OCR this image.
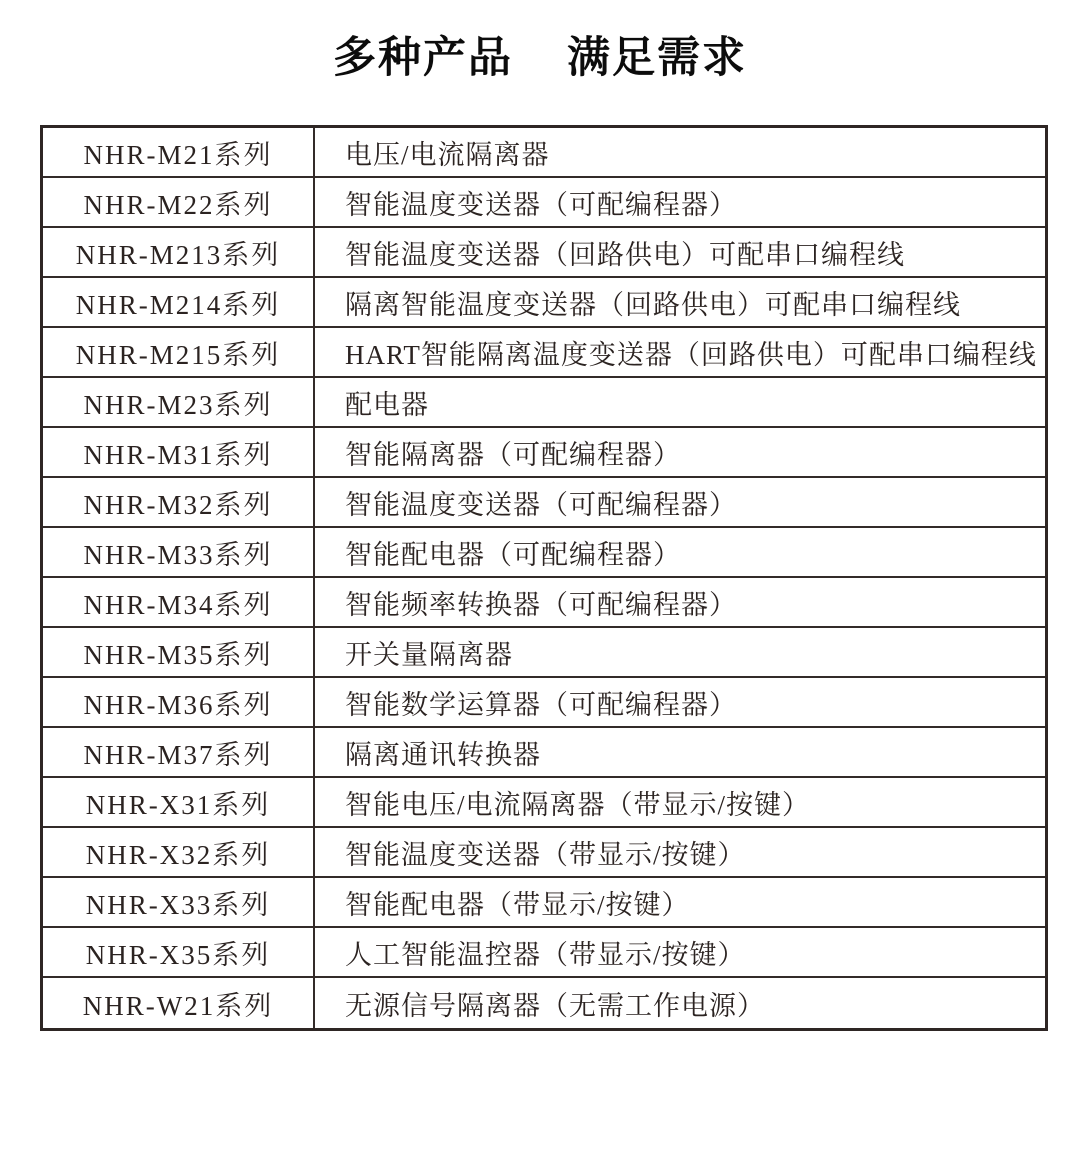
多种产品 满足需求
NHR-M21系列	电压/电流隔离器
NHR-M22系列	智能温度变送器（可配编程器）
NHR-M213系列	智能温度变送器（回路供电）可配串口编程线
NHR-M214系列	隔离智能温度变送器（回路供电）可配串口编程线
NHR-M215系列	HART智能隔离温度变送器（回路供电）可配串口编程线
NHR-M23系列	配电器
NHR-M31系列	智能隔离器（可配编程器）
NHR-M32系列	智能温度变送器（可配编程器）
NHR-M33系列	智能配电器（可配编程器）
NHR-M34系列	智能频率转换器（可配编程器）
NHR-M35系列	开关量隔离器
NHR-M36系列	智能数学运算器（可配编程器）
NHR-M37系列	隔离通讯转换器
NHR-X31系列	智能电压/电流隔离器（带显示/按键）
NHR-X32系列	智能温度变送器（带显示/按键）
NHR-X33系列	智能配电器（带显示/按键）
NHR-X35系列	人工智能温控器（带显示/按键）
NHR-W21系列	无源信号隔离器（无需工作电源）
